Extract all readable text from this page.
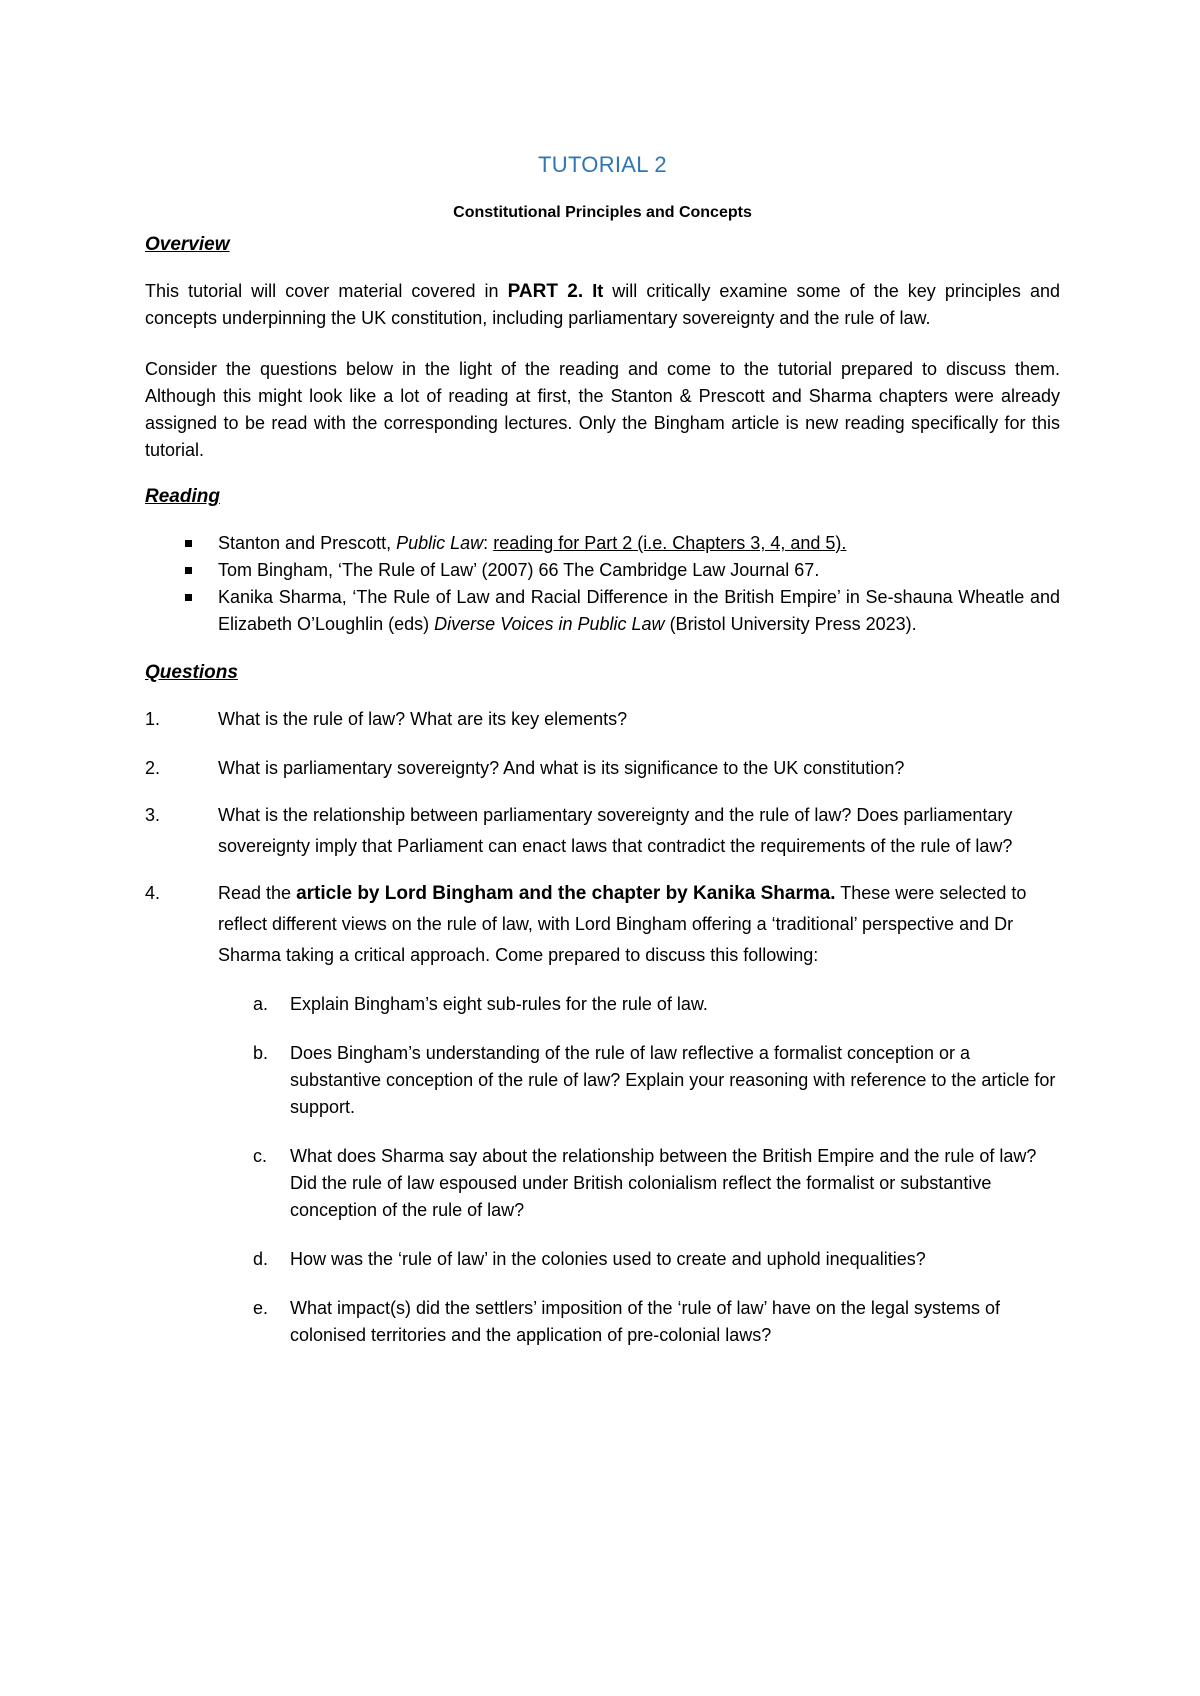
TUTORIAL 2
Constitutional Principles and Concepts
Overview

This tutorial will cover material covered in PART 2. It will critically examine some of the key principles and concepts underpinning the UK constitution, including parliamentary sovereignty and the rule of law.

Consider the questions below in the light of the reading and come to the tutorial prepared to discuss them. Although this might look like a lot of reading at first, the Stanton & Prescott and Sharma chapters were already assigned to be read with the corresponding lectures. Only the Bingham article is new reading specifically for this tutorial.

Reading
Stanton and Prescott, Public Law: reading for Part 2 (i.e. Chapters 3, 4, and 5).
Tom Bingham, ‘The Rule of Law’ (2007) 66 The Cambridge Law Journal 67.
Kanika Sharma, ‘The Rule of Law and Racial Difference in the British Empire’ in Se-shauna Wheatle and Elizabeth O’Loughlin (eds) Diverse Voices in Public Law (Bristol University Press 2023).
Questions
1.	What is the rule of law? What are its key elements?
2.	What is parliamentary sovereignty? And what is its significance to the UK constitution?
3.	What is the relationship between parliamentary sovereignty and the rule of law? Does parliamentary sovereignty imply that Parliament can enact laws that contradict the requirements of the rule of law?
4.	Read the article by Lord Bingham and the chapter by Kanika Sharma. These were selected to reflect different views on the rule of law, with Lord Bingham offering a ‘traditional’ perspective and Dr Sharma taking a critical approach. Come prepared to discuss this following:
a. Explain Bingham’s eight sub-rules for the rule of law.
b. Does Bingham’s understanding of the rule of law reflective a formalist conception or a substantive conception of the rule of law? Explain your reasoning with reference to the article for support.
c. What does Sharma say about the relationship between the British Empire and the rule of law? Did the rule of law espoused under British colonialism reflect the formalist or substantive conception of the rule of law?
d. How was the ‘rule of law’ in the colonies used to create and uphold inequalities?
e. What impact(s) did the settlers’ imposition of the ‘rule of law’ have on the legal systems of colonised territories and the application of pre-colonial laws?
